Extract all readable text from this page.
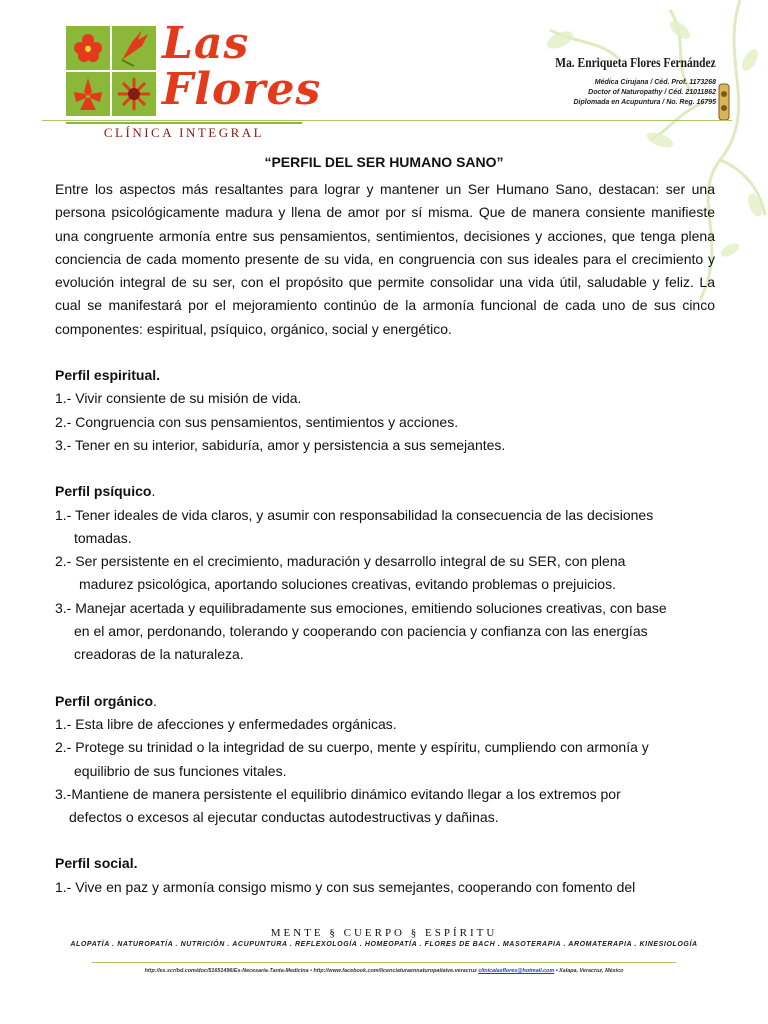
Las
Flores
CLÍNICA INTEGRAL
Ma. Enriqueta Flores Fernández
Médica Cirujana / Céd. Prof. 1173268
Doctor of Naturopathy / Céd. 21011862
Diplomada en Acupuntura / No. Reg. 16795
“PERFIL DEL SER HUMANO SANO”

Entre los aspectos más resaltantes para lograr y mantener un Ser Humano Sano, destacan: ser una persona psicológicamente madura y llena de amor por sí misma. Que de manera consiente manifieste una congruente armonía entre sus pensamientos, sentimientos, decisiones y acciones, que tenga plena conciencia de cada momento presente de su vida, en congruencia con sus ideales para el crecimiento y evolución integral de su ser, con el propósito que permite consolidar una vida útil, saludable y feliz. La cual se manifestará por el mejoramiento continúo de la armonía funcional de cada uno de sus cinco componentes: espiritual, psíquico, orgánico, social y energético.

Perfil espiritual.
1.- Vivir consiente de su misión de vida.
2.- Congruencia con sus pensamientos, sentimientos y acciones.
3.- Tener en su interior, sabiduría, amor y persistencia a sus semejantes.
Perfil psíquico.
1.- Tener ideales de vida claros, y asumir con responsabilidad la consecuencia de las decisiones
tomadas.
2.- Ser persistente en el crecimiento, maduración y desarrollo integral de su SER, con plena
madurez psicológica, aportando soluciones creativas, evitando problemas o prejuicios.
3.- Manejar acertada y equilibradamente sus emociones, emitiendo soluciones creativas, con base
en el amor, perdonando, tolerando y cooperando con paciencia y confianza con las energías
creadoras de la naturaleza.
Perfil orgánico.
1.- Esta libre de afecciones y enfermedades orgánicas.
2.- Protege su trinidad o la integridad de su cuerpo, mente y espíritu, cumpliendo con armonía y
equilibrio de sus funciones vitales.
3.-Mantiene de manera persistente el equilibrio dinámico evitando llegar a los extremos por
defectos o excesos al ejecutar conductas autodestructivas y dañinas.
Perfil social.
1.- Vive en paz y armonía consigo mismo y con sus semejantes, cooperando con fomento del
MENTE § CUERPO § ESPÍRITU
ALOPATÍA . NATUROPATÍA . NUTRICIÓN . ACUPUNTURA . REFLEXOLOGÍA . HOMEOPATÍA . FLORES DE BACH . MASOTERAPIA . AROMATERAPIA . KINESIOLOGÍA
http://es.scribd.com/doc/51651496/Es-Necesaria-Tanta-Medicina • http://www.facebook.com/licenciaturaennaturopatiaive.veracruz clinicalasflores@hotmail.com • Xalapa, Veracruz, México
